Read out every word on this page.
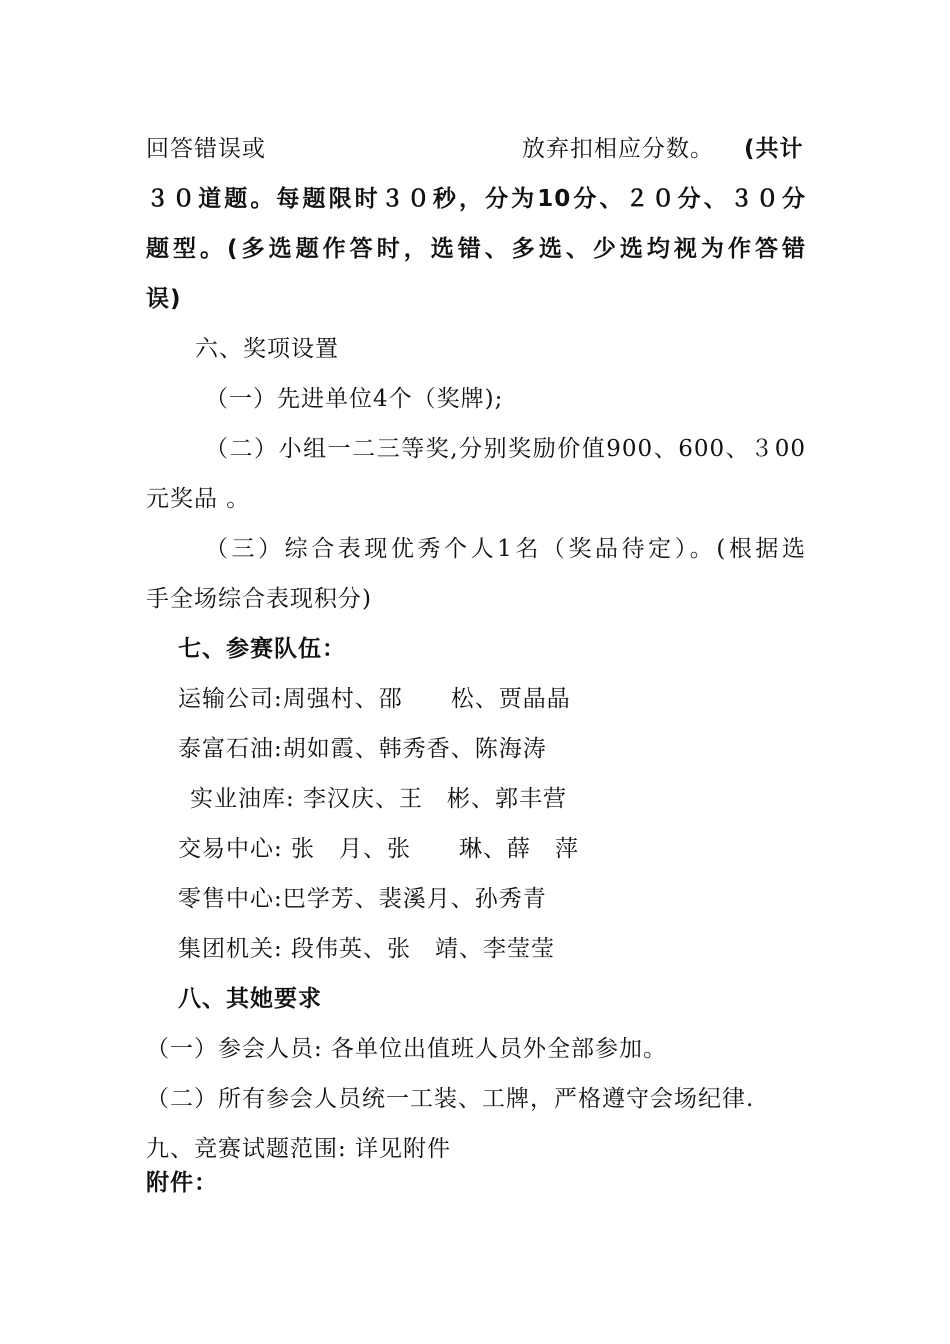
回答错误或	放弃扣相应分数。 (共计
３０道题。每题限时３０秒，分为10分、２０分、３０分
题型。(多选题作答时，选错、多选、少选均视为作答错
误)
六、奖项设置
（一）先进单位4个（奖牌);
（二）小组一二三等奖,分别奖励价值900、600、３00
元奖品 。
（三）综合表现优秀个人1名（奖品待定）。(根据选
手全场综合表现积分)
七、参赛队伍：
运输公司:周强村、邵　　松、贾晶晶
泰富石油:胡如霞、韩秀香、陈海涛
实业油库: 李汉庆、王　彬、郭丰营
交易中心: 张　月、张　　琳、薛　萍
零售中心:巴学芳、裴溪月、孙秀青
集团机关: 段伟英、张　靖、李莹莹
八、其她要求
（一）参会人员: 各单位出值班人员外全部参加。
（二）所有参会人员统一工装、工牌，严格遵守会场纪律.
九、竞赛试题范围: 详见附件
附件：
